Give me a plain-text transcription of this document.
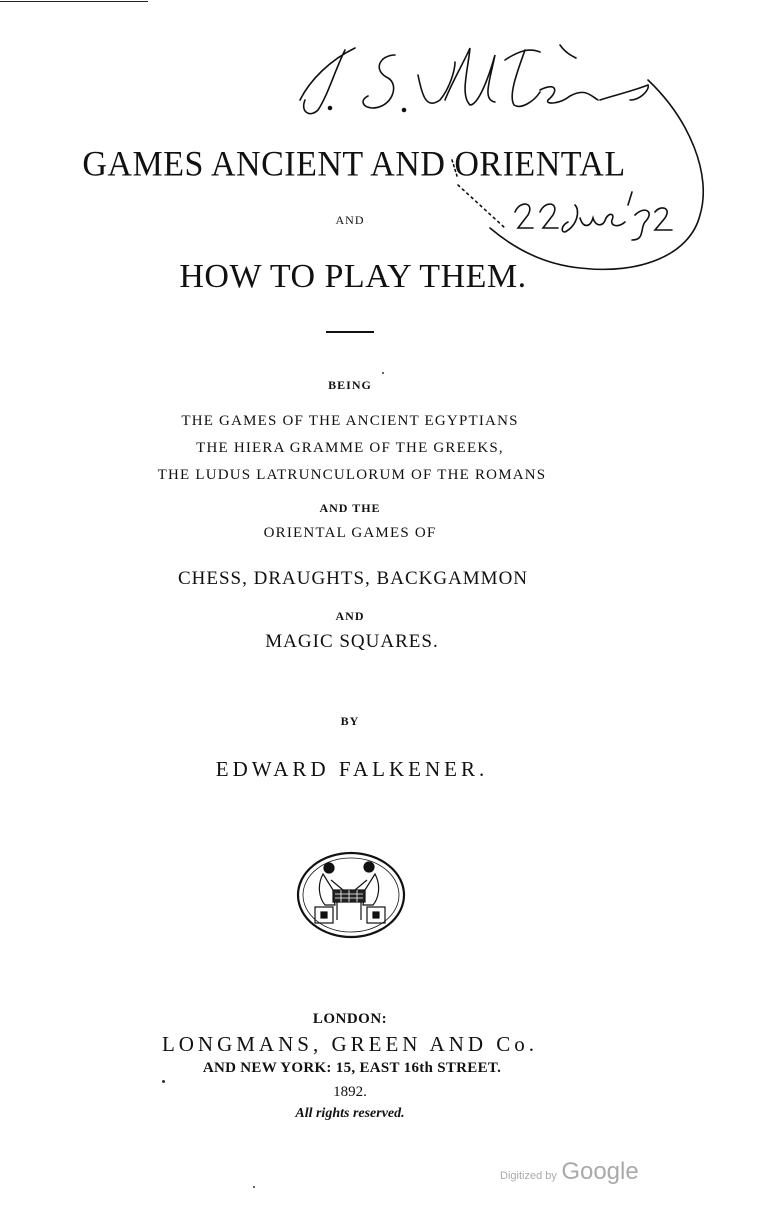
GAMES ANCIENT AND ORIENTAL
AND
HOW TO PLAY THEM.
BEING
THE GAMES OF THE ANCIENT EGYPTIANS
THE HIERA GRAMME OF THE GREEKS,
THE LUDUS LATRUNCULORUM OF THE ROMANS
AND THE
ORIENTAL GAMES OF
CHESS, DRAUGHTS, BACKGAMMON
AND
MAGIC SQUARES.
BY
EDWARD FALKENER.
LONDON:
LONGMANS, GREEN AND Co.
AND NEW YORK: 15, EAST 16th STREET.
1892.
All rights reserved.
Digitized by Google
